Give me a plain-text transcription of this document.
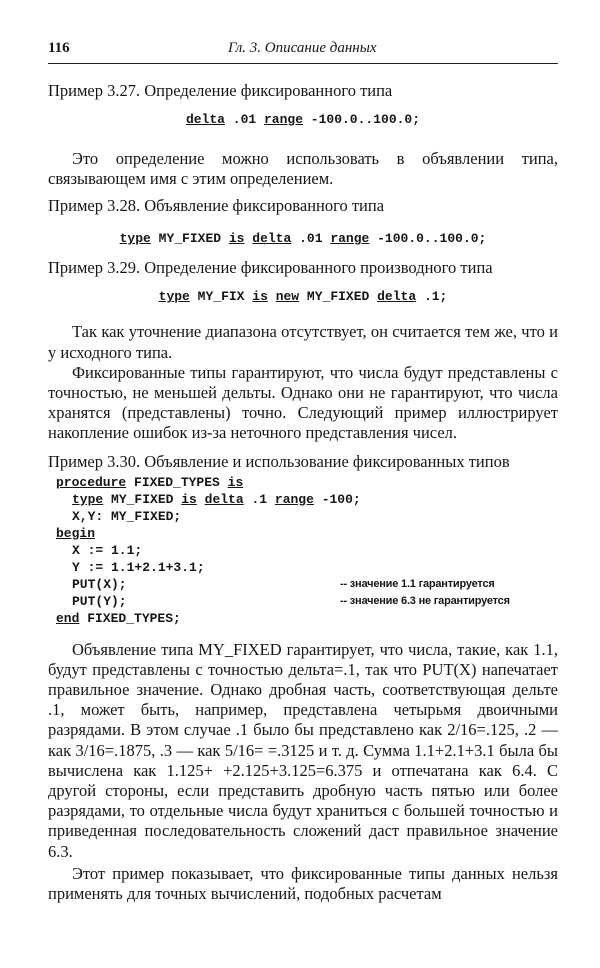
116	Гл. 3. Описание данных

Пример 3.27. Определение фиксированного типа

delta .01 range -100.0..100.0;

Это определение можно использовать в объявлении типа, связывающем имя с этим определением.

Пример 3.28. Объявление фиксированного типа

type MY_FIXED is delta .01 range -100.0..100.0;

Пример 3.29. Определение фиксированного производного типа

type MY_FIX is new MY_FIXED delta .1;

Так как уточнение диапазона отсутствует, он считается тем же, что и у исходного типа.

Фиксированные типы гарантируют, что числа будут представлены с точностью, не меньшей дельты. Однако они не гарантируют, что числа хранятся (представлены) точно. Следующий пример иллюстрирует накопление ошибок из-за неточного представления чисел.

Пример 3.30. Объявление и использование фиксированных типов

procedure FIXED_TYPES is
type MY_FIXED is delta .1 range -100;
X,Y: MY_FIXED;
begin
X := 1.1;
Y := 1.1+2.1+3.1;
PUT(X);
PUT(Y);
end FIXED_TYPES;
-- значение 1.1 гарантируется
-- значение 6.3 не гарантируется

Объявление типа MY_FIXED гарантирует, что числа, такие, как 1.1, будут представлены с точностью дельта=.1, так что PUT(X) напечатает правильное значение. Однако дробная часть, соответствующая дельте .1, может быть, например, представлена четырьмя двоичными разрядами. В этом случае .1 было бы представлено как 2/16=.125, .2 — как 3/16=.1875, .3 — как 5/16= =.3125 и т. д. Сумма 1.1+2.1+3.1 была бы вычислена как 1.125+ +2.125+3.125=6.375 и отпечатана как 6.4. С другой стороны, если представить дробную часть пятью или более разрядами, то отдельные числа будут храниться с большей точностью и приведенная последовательность сложений даст правильное значение 6.3.

Этот пример показывает, что фиксированные типы данных нельзя применять для точных вычислений, подобных расчетам
